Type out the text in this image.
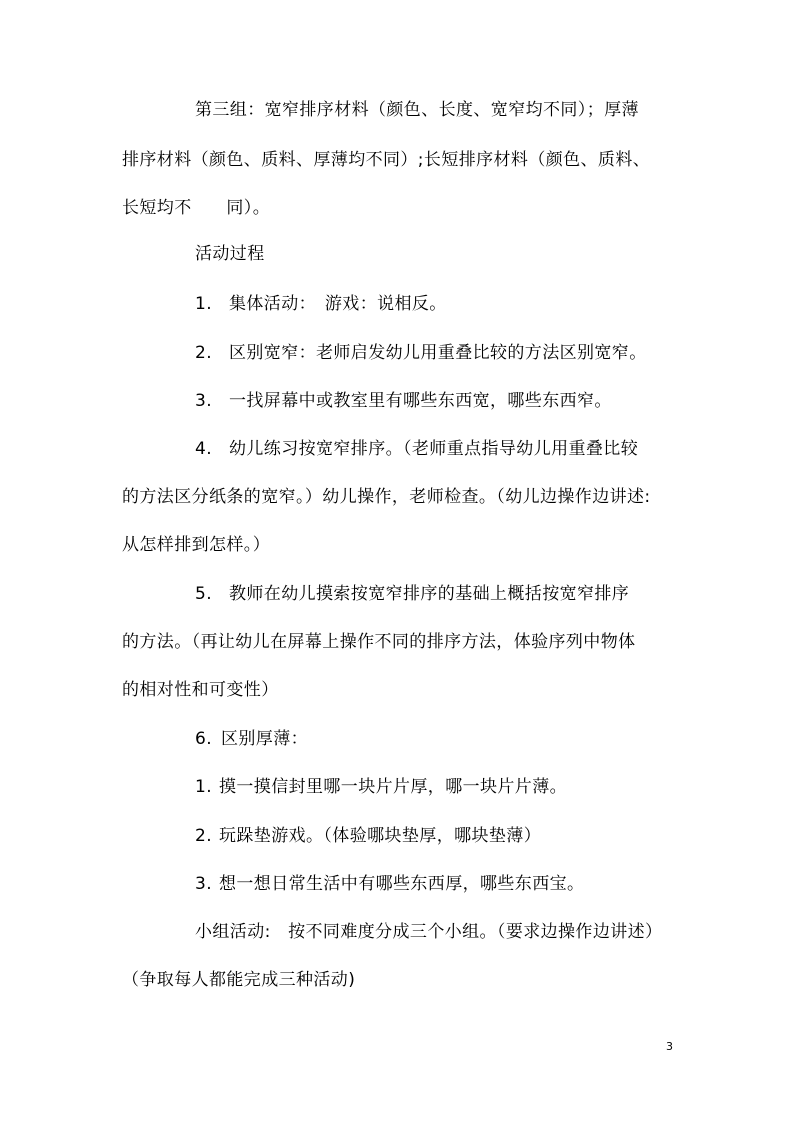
第三组：宽窄排序材料（颜色、长度、宽窄均不同）；厚薄
排序材料（颜色、质料、厚薄均不同）;长短排序材料（颜色、质料、
长短均不　　同）。
活动过程
1. 集体活动：　游戏：说相反。
2. 区别宽窄：老师启发幼儿用重叠比较的方法区别宽窄。
3. 一找屏幕中或教室里有哪些东西宽，哪些东西窄。
4. 幼儿练习按宽窄排序。（老师重点指导幼儿用重叠比较
的方法区分纸条的宽窄。）幼儿操作，老师检查。（幼儿边操作边讲述:
从怎样排到怎样。）
5. 教师在幼儿摸索按宽窄排序的基础上概括按宽窄排序
的方法。（再让幼儿在屏幕上操作不同的排序方法，体验序列中物体
的相对性和可变性）
6. 区别厚薄：
1. 摸一摸信封里哪一块片片厚，哪一块片片薄。
2. 玩跺垫游戏。（体验哪块垫厚，哪块垫薄）
3. 想一想日常生活中有哪些东西厚，哪些东西宝。
小组活动:　按不同难度分成三个小组。（要求边操作边讲述）
（争取每人都能完成三种活动)
3
